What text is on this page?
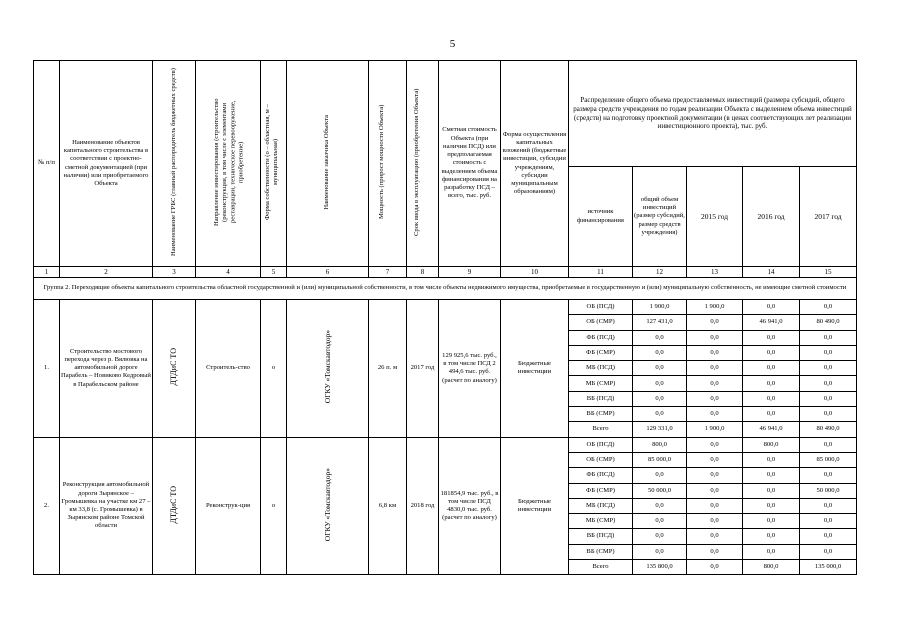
5
№ п/п	Наименование объектов капитального строительства в соответствии с проектно-сметной документацией (при наличии) или приобретаемого Объекта	Наименование ГРБС (главный распорядитель бюджетных средств)	Направление инвестирования (строительство (реконструкция, в том числе с элементами реставрации, техническое перевооружение, приобретение)	Форма собственности (о – областная, м – муниципальная)	Наименование заказчика Объекта	Мощность (прирост мощности Объекта)	Срок ввода в эксплуатацию (приобретения Объекта)	Сметная стоимость Объекта (при наличии ПСД) или предполагаемая стоимость с выделением объема финансирования на разработку ПСД – всего, тыс. руб.	Форма осуществления капитальных вложений (бюджетные инвестиции, субсидии учреждениям, субсидии муниципальным образованиям)	Распределение общего объема предоставляемых инвестиций (размера субсидий, общего размера средств учреждения по годам реализации Объекта с выделением объема инвестиций (средств) на подготовку проектной документации (в ценах соответствующих лет реализации инвестиционного проекта), тыс. руб.				
										источник финансирования	общий объем инвестиций (размер субсидий, размер средств учреждения)	2015 год	2016 год	2017 год
1	2	3	4	5	6	7	8	9	10	11	12	13	14	15
Группа 2. Переходящие объекты капитального строительства областной государственной и (или) муниципальной собственности, в том числе объекты недвижимого имущества, приобретаемые в государственную и (или) муниципальную собственность, не имеющие сметной стоимости														
1.	Строительство мостового перехода через р. Вялювка на автомобильной дороге Парабель – Новиково Кедровый в Парабельском районе	ДТДиС ТО	Строитель-ство	о	ОГКУ «Томскавтодор»	26 п. м	2017 год	129 925,6 тыс. руб., в том числе ПСД 2 494,6 тыс. руб. (расчет по аналогу)	Бюджетные инвестиции	ОБ (ПСД)	1 900,0	1 900,0	0,0	0,0
										ОБ (СМР)	127 431,0	0,0	46 941,0	80 490,0
										ФБ (ПСД)	0,0	0,0	0,0	0,0
										ФБ (СМР)	0,0	0,0	0,0	0,0
										МБ (ПСД)	0,0	0,0	0,0	0,0
										МБ (СМР)	0,0	0,0	0,0	0,0
										ВБ (ПСД)	0,0	0,0	0,0	0,0
										ВБ (СМР)	0,0	0,0	0,0	0,0
										Всего	129 331,0	1 900,0	46 941,0	80 490,0
2.	Реконструкция автомобильной дороги Зырянское – Громышевка на участке км 27 – км 33,8 (с. Громышевка) в Зырянском районе Томской области	ДТДиС ТО	Реконструк-ция	о	ОГКУ «Томскавтодор»	6,8 км	2018 год	181854,9 тыс. руб., в том числе ПСД 4830,0 тыс. руб. (расчет по аналогу)	Бюджетные инвестиции	ОБ (ПСД)	800,0	0,0	800,0	0,0
										ОБ (СМР)	85 000,0	0,0	0,0	85 000,0
										ФБ (ПСД)	0,0	0,0	0,0	0,0
										ФБ (СМР)	50 000,0	0,0	0,0	50 000,0
										МБ (ПСД)	0,0	0,0	0,0	0,0
										МБ (СМР)	0,0	0,0	0,0	0,0
										ВБ (ПСД)	0,0	0,0	0,0	0,0
										ВБ (СМР)	0,0	0,0	0,0	0,0
										Всего	135 800,0	0,0	800,0	135 000,0
